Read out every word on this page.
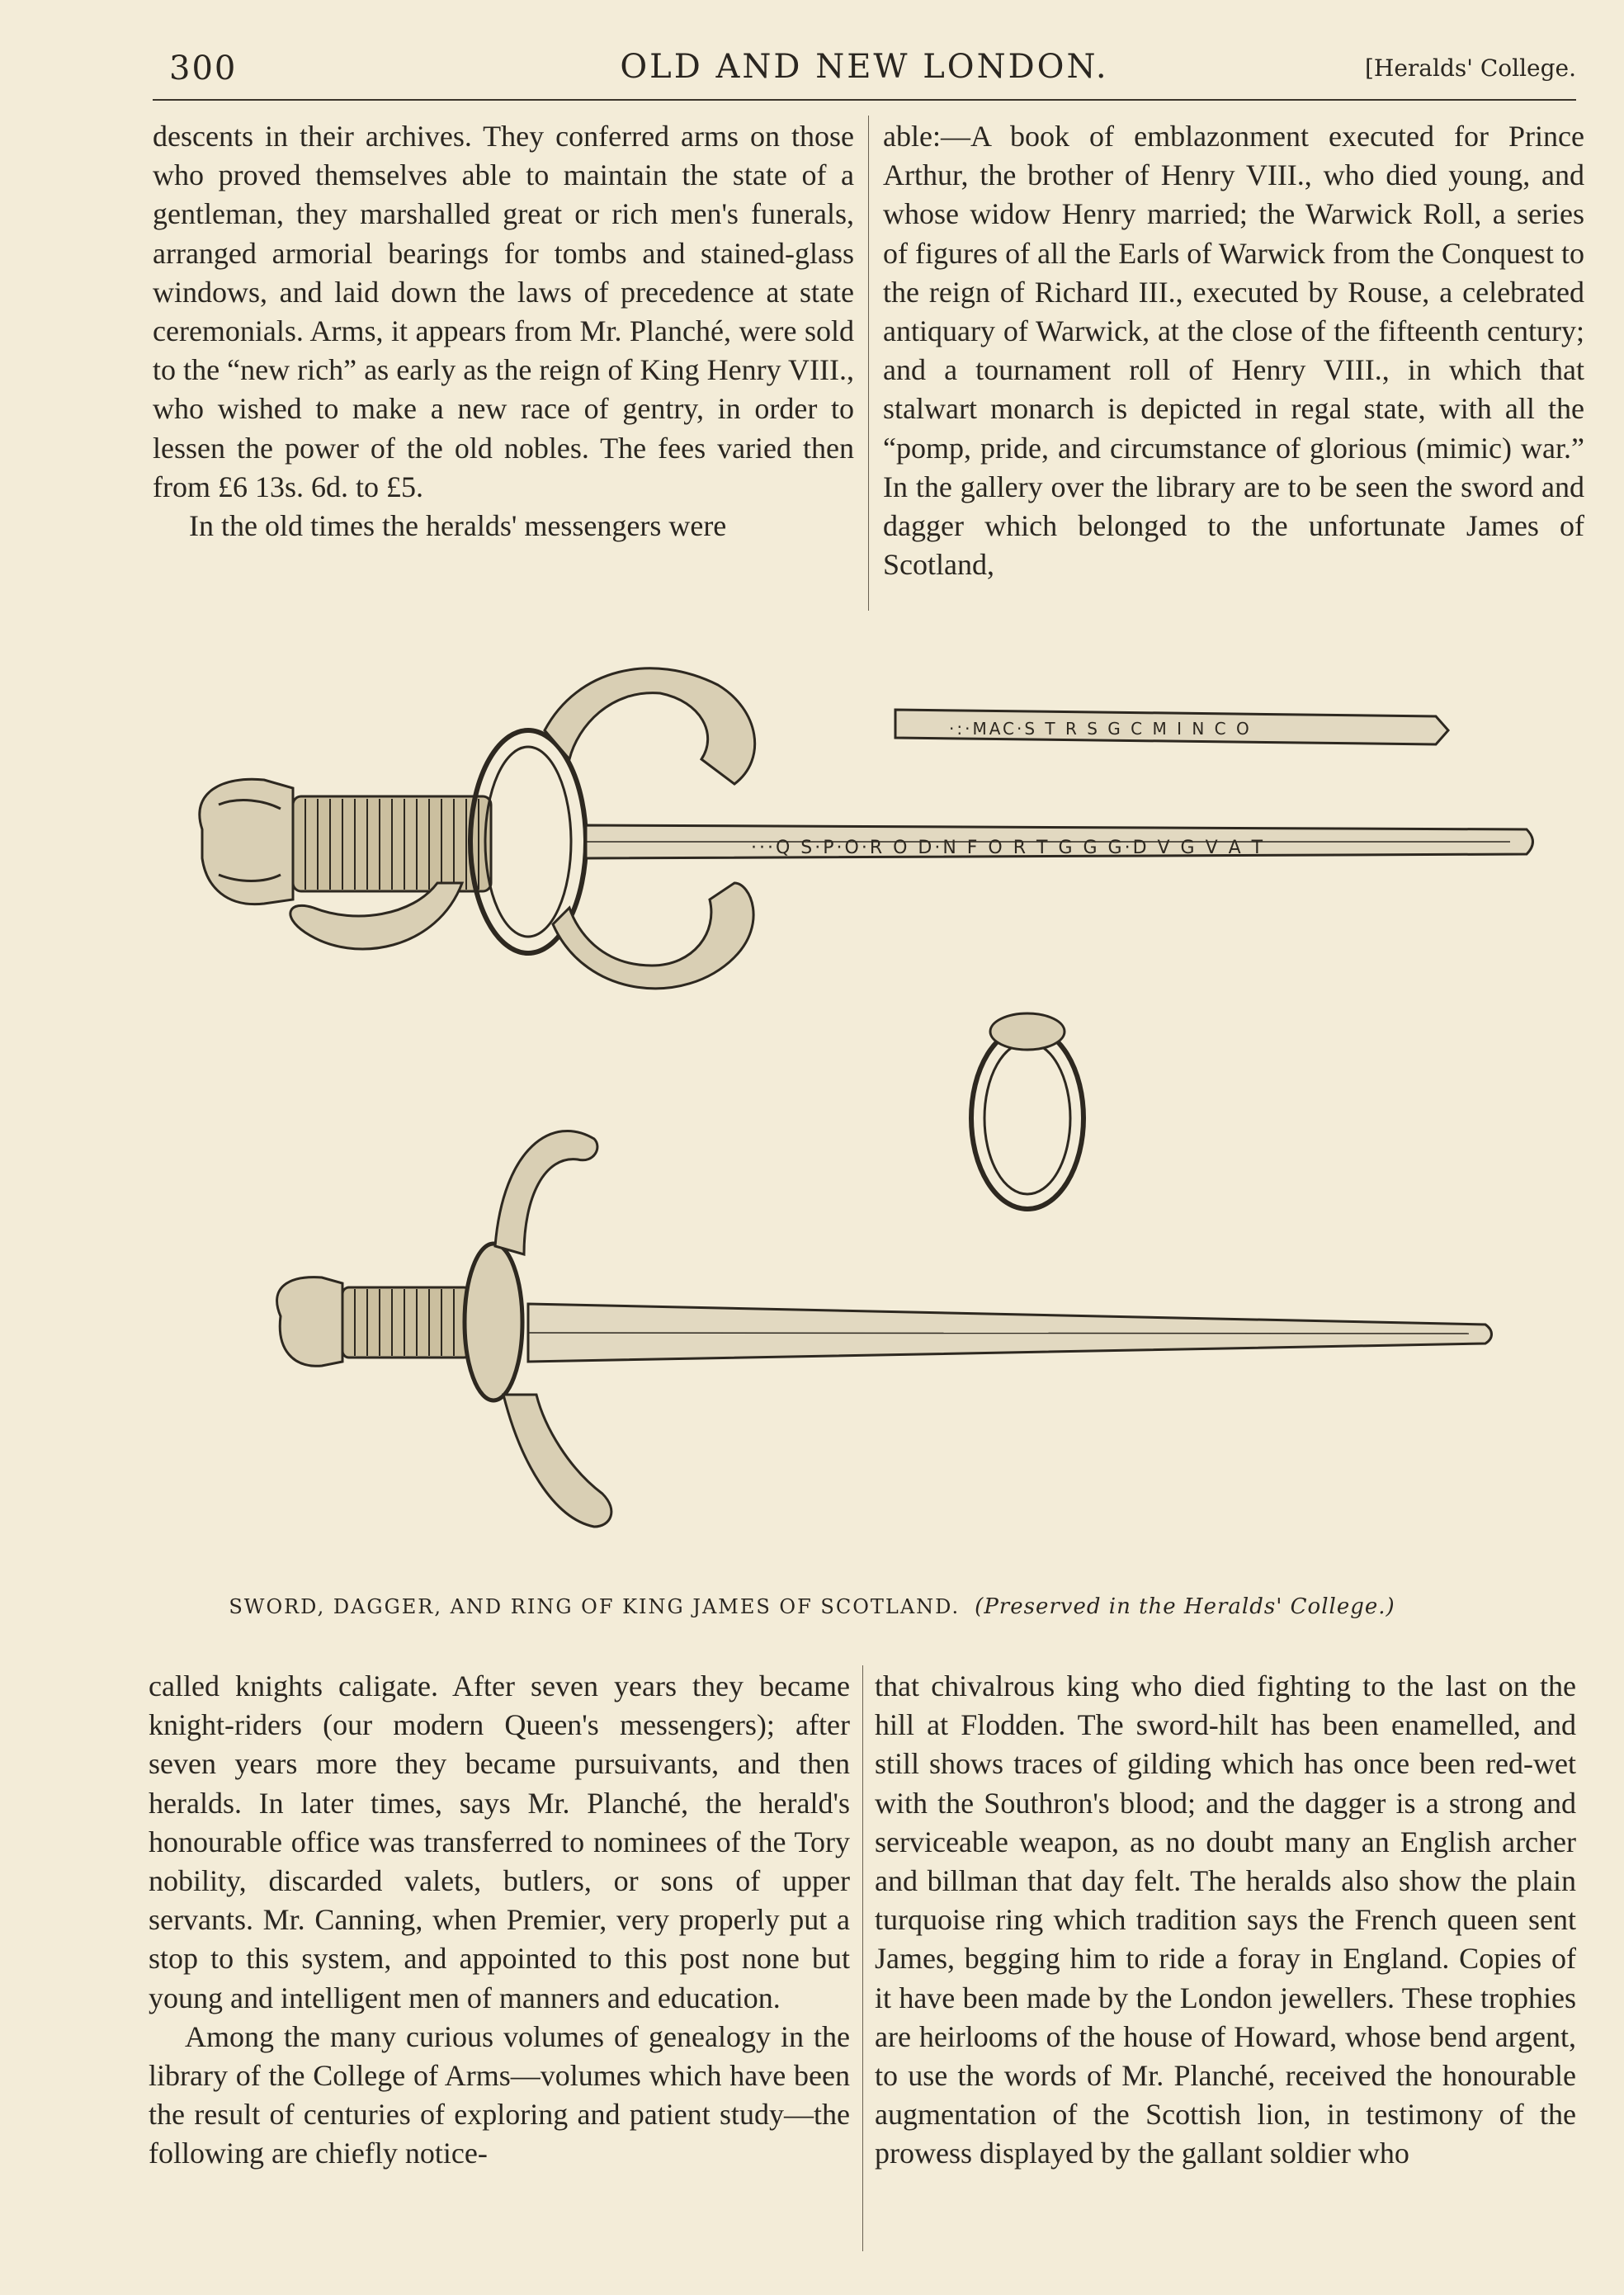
300	OLD AND NEW LONDON.	[Heralds' College.

descents in their archives. They conferred arms on those who proved themselves able to maintain the state of a gentleman, they marshalled great or rich men's funerals, arranged armorial bearings for tombs and stained-glass windows, and laid down the laws of precedence at state ceremonials. Arms, it appears from Mr. Planché, were sold to the “new rich” as early as the reign of King Henry VIII., who wished to make a new race of gentry, in order to lessen the power of the old nobles. The fees varied then from £6 13s. 6d. to £5.

In the old times the heralds' messengers were

able:—A book of emblazonment executed for Prince Arthur, the brother of Henry VIII., who died young, and whose widow Henry married; the Warwick Roll, a series of figures of all the Earls of Warwick from the Conquest to the reign of Richard III., executed by Rouse, a celebrated antiquary of Warwick, at the close of the fifteenth century; and a tournament roll of Henry VIII., in which that stalwart monarch is depicted in regal state, with all the “pomp, pride, and circumstance of glorious (mimic) war.” In the gallery over the library are to be seen the sword and dagger which belonged to the unfortunate James of Scotland,

···Q S·P·O·R O D·N F O R T G G G·D V G V A T
·:·MAC·S T R S G C M I N C O
SWORD, DAGGER, AND RING OF KING JAMES OF SCOTLAND. (Preserved in the Heralds' College.)

called knights caligate. After seven years they became knight-riders (our modern Queen's messengers); after seven years more they became pursuivants, and then heralds. In later times, says Mr. Planché, the herald's honourable office was transferred to nominees of the Tory nobility, discarded valets, butlers, or sons of upper servants. Mr. Canning, when Premier, very properly put a stop to this system, and appointed to this post none but young and intelligent men of manners and education.

Among the many curious volumes of genealogy in the library of the College of Arms—volumes which have been the result of centuries of exploring and patient study—the following are chiefly notice-

that chivalrous king who died fighting to the last on the hill at Flodden. The sword-hilt has been enamelled, and still shows traces of gilding which has once been red-wet with the Southron's blood; and the dagger is a strong and serviceable weapon, as no doubt many an English archer and billman that day felt. The heralds also show the plain turquoise ring which tradition says the French queen sent James, begging him to ride a foray in England. Copies of it have been made by the London jewellers. These trophies are heirlooms of the house of Howard, whose bend argent, to use the words of Mr. Planché, received the honourable augmentation of the Scottish lion, in testimony of the prowess displayed by the gallant soldier who
